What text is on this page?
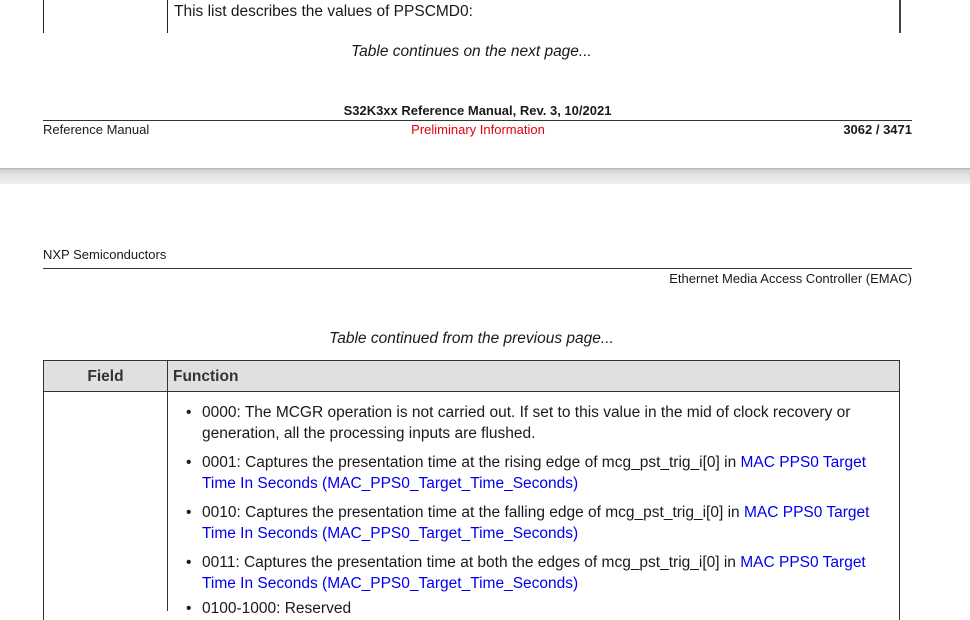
This list describes the values of PPSCMD0:
Table continues on the next page...
S32K3xx Reference Manual, Rev. 3, 10/2021
Reference Manual	Preliminary Information	3062 / 3471
NXP Semiconductors
Ethernet Media Access Controller (EMAC)
Table continued from the previous page...
Field	Function
• 0000: The MCGR operation is not carried out. If set to this value in the mid of clock recovery or generation, all the processing inputs are flushed.
• 0001: Captures the presentation time at the rising edge of mcg_pst_trig_i[0] in MAC PPS0 Target Time In Seconds (MAC_PPS0_Target_Time_Seconds)
• 0010: Captures the presentation time at the falling edge of mcg_pst_trig_i[0] in MAC PPS0 Target Time In Seconds (MAC_PPS0_Target_Time_Seconds)
• 0011: Captures the presentation time at both the edges of mcg_pst_trig_i[0] in MAC PPS0 Target Time In Seconds (MAC_PPS0_Target_Time_Seconds)
• 0100-1000: Reserved
